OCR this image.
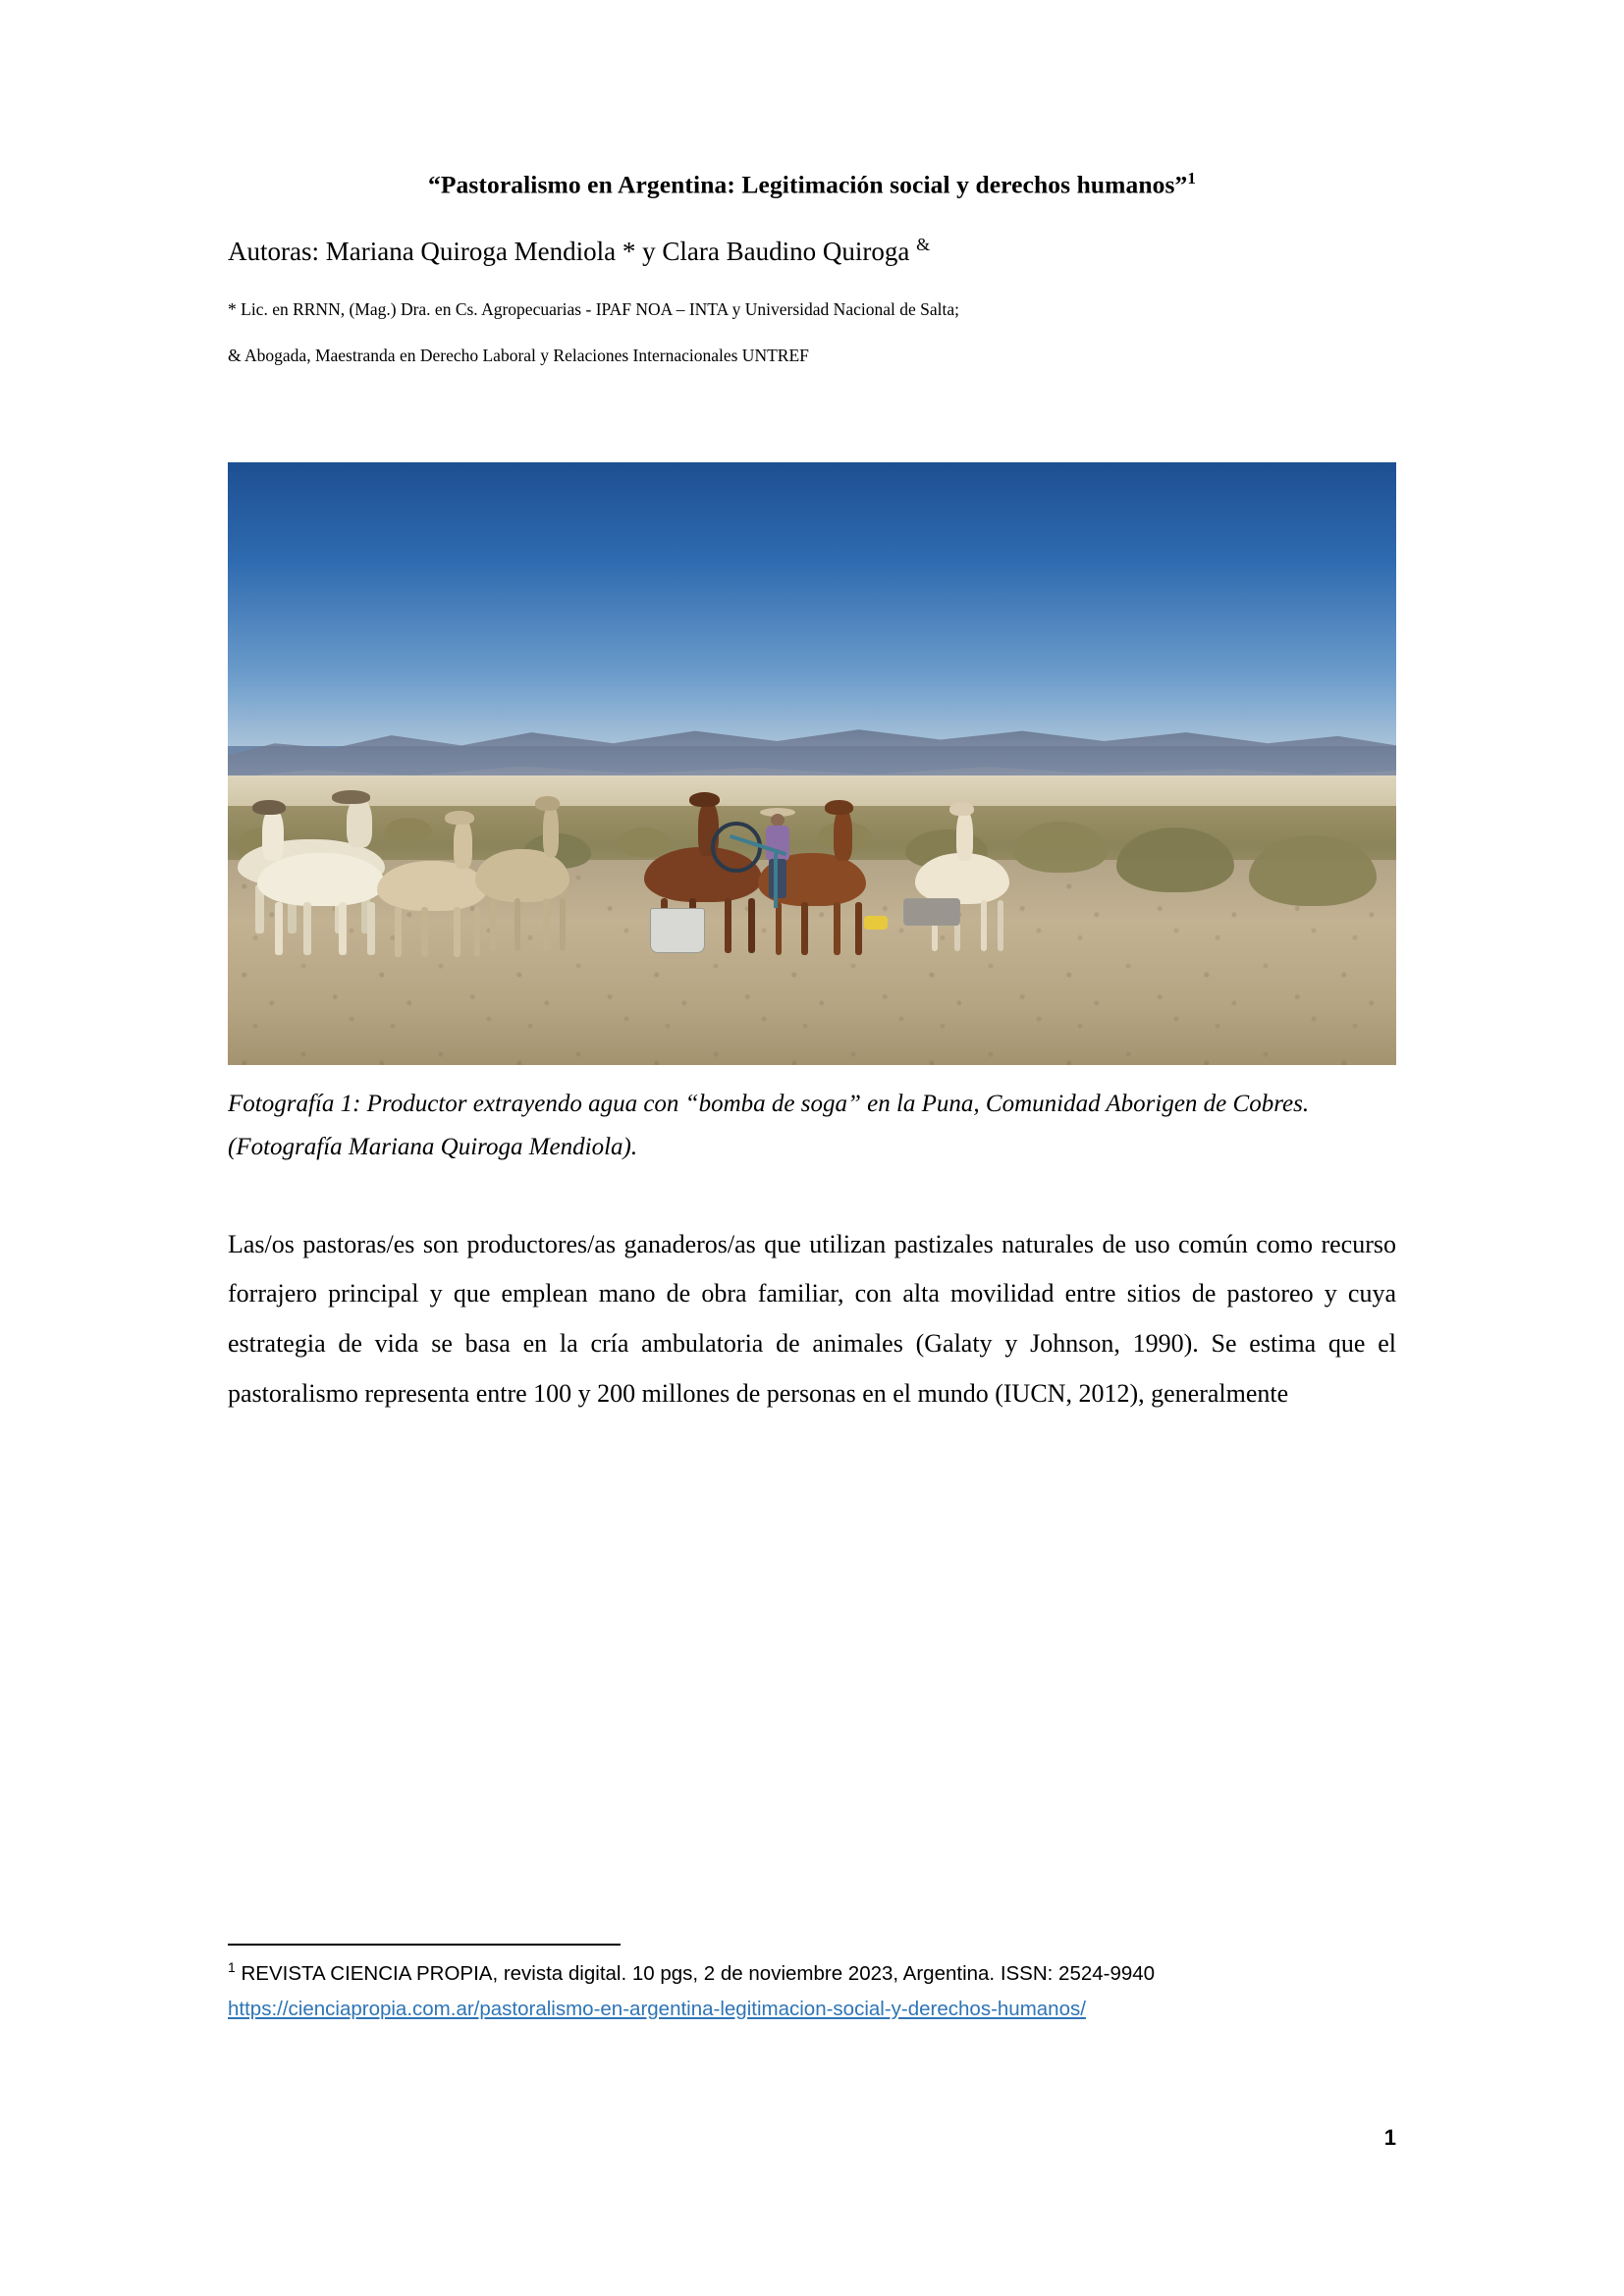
“Pastoralismo en Argentina: Legitimación social y derechos humanos”$^1$

Autoras: Mariana Quiroga Mendiola * y Clara Baudino Quiroga &

* Lic. en RRNN, (Mag.) Dra. en Cs. Agropecuarias - IPAF NOA – INTA y Universidad Nacional de Salta;

& Abogada, Maestranda en Derecho Laboral y Relaciones Internacionales UNTREF

Fotografía 1: Productor extrayendo agua con “bomba de soga” en la Puna, Comunidad Aborigen de Cobres. (Fotografía Mariana Quiroga Mendiola).

Las/os pastoras/es son productores/as ganaderos/as que utilizan pastizales naturales de uso común como recurso forrajero principal y que emplean mano de obra familiar, con alta movilidad entre sitios de pastoreo y cuya estrategia de vida se basa en la cría ambulatoria de animales (Galaty y Johnson, 1990). Se estima que el pastoralismo representa entre 100 y 200 millones de personas en el mundo (IUCN, 2012), generalmente

$^1$ REVISTA CIENCIA PROPIA, revista digital. 10 pgs, 2 de noviembre 2023, Argentina. ISSN: 2524-9940
https://cienciapropia.com.ar/pastoralismo-en-argentina-legitimacion-social-y-derechos-humanos/
1
